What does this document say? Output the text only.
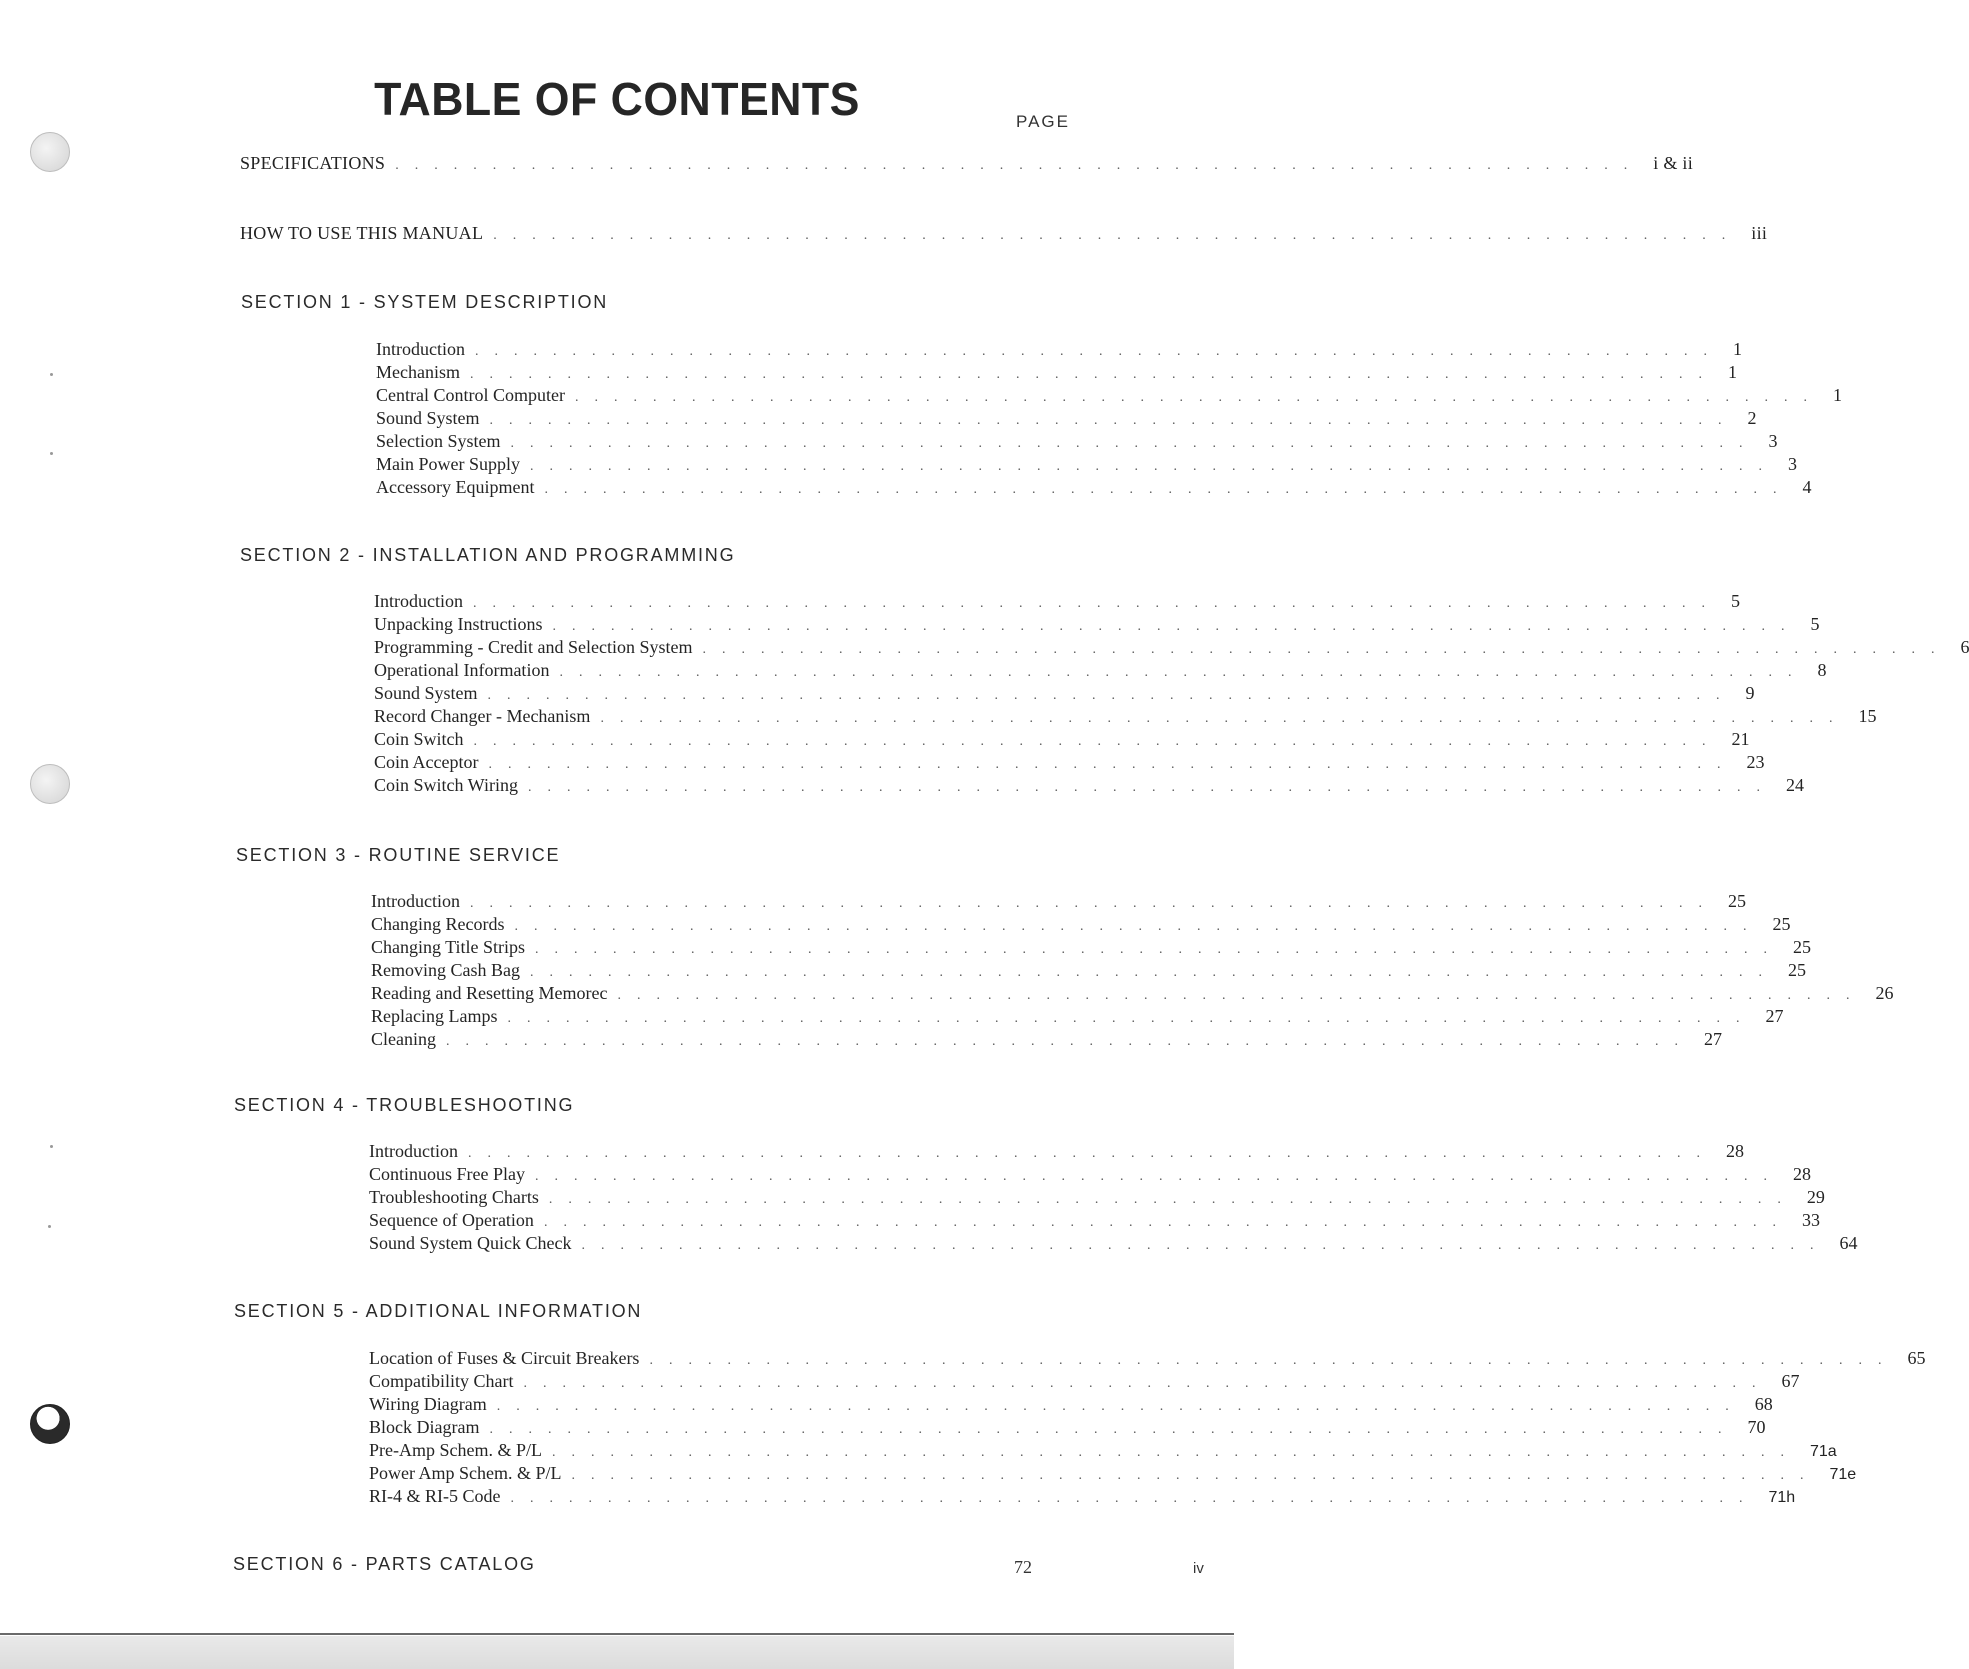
TABLE OF CONTENTS	PAGE
SPECIFICATIONS ................................................................ i & ii
HOW TO USE THIS MANUAL ................................................................ iii
SECTION 1 - SYSTEM DESCRIPTION
Introduction ................................................................ 1
Mechanism ................................................................ 1
Central Control Computer ................................................................ 1
Sound System ................................................................ 2
Selection System ................................................................ 3
Main Power Supply ................................................................ 3
Accessory Equipment ................................................................ 4
SECTION 2 - INSTALLATION AND PROGRAMMING
Introduction ................................................................ 5
Unpacking Instructions ................................................................ 5
Programming - Credit and Selection System ................................................................ 6
Operational Information ................................................................ 8
Sound System ................................................................ 9
Record Changer - Mechanism ................................................................ 15
Coin Switch ................................................................ 21
Coin Acceptor ................................................................ 23
Coin Switch Wiring ................................................................ 24
SECTION 3 - ROUTINE SERVICE
Introduction ................................................................ 25
Changing Records ................................................................ 25
Changing Title Strips ................................................................ 25
Removing Cash Bag ................................................................ 25
Reading and Resetting Memorec ................................................................ 26
Replacing Lamps ................................................................ 27
Cleaning ................................................................ 27
SECTION 4 - TROUBLESHOOTING
Introduction ................................................................ 28
Continuous Free Play ................................................................ 28
Troubleshooting Charts ................................................................ 29
Sequence of Operation ................................................................ 33
Sound System Quick Check ................................................................ 64
SECTION 5 - ADDITIONAL INFORMATION
Location of Fuses & Circuit Breakers ................................................................ 65
Compatibility Chart ................................................................ 67
Wiring Diagram ................................................................ 68
Block Diagram ................................................................ 70
Pre-Amp Schem. & P/L ................................................................ 71a
Power Amp Schem. & P/L ................................................................ 71e
RI-4 & RI-5 Code ................................................................ 71h
SECTION 6 - PARTS CATALOG	72	iv
